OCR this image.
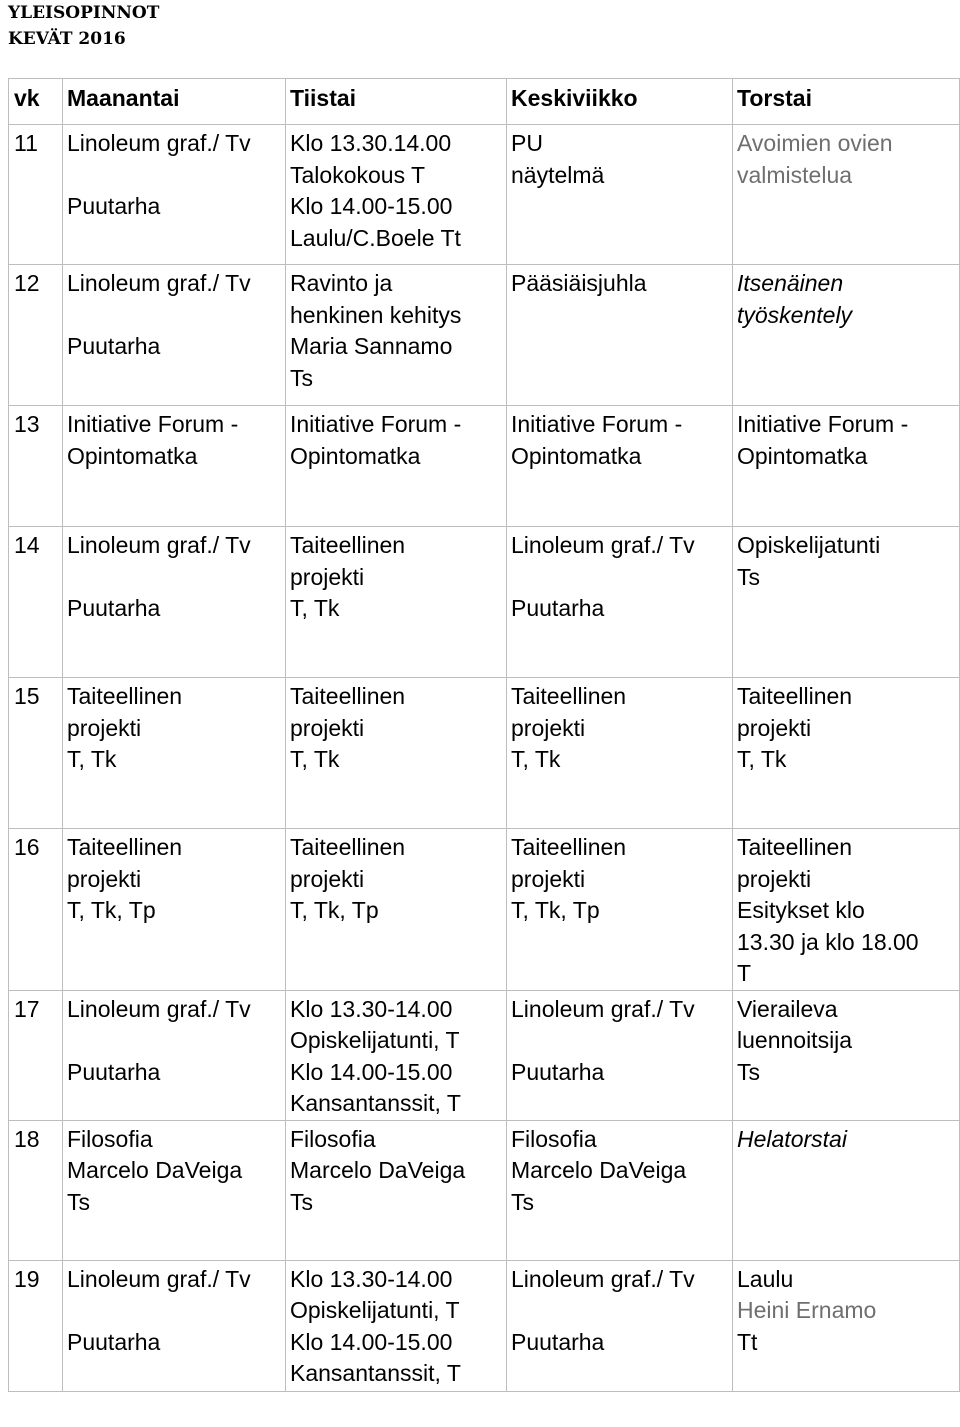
YLEISOPINNOT
KEVÄT 2016
vk	Maanantai	Tiistai	Keskiviikko	Torstai
11	Linoleum graf./ Tv
Puutarha	Klo 13.30.14.00
Talokokous T
Klo 14.00-15.00
Laulu/C.Boele Tt	PU
näytelmä	Avoimien ovien
valmistelua

12	Linoleum graf./ Tv
Puutarha	Ravinto ja
henkinen kehitys
Maria Sannamo
Ts	Pääsiäisjuhla	Itsenäinen
työskentely

13	Initiative Forum -
Opintomatka	Initiative Forum -
Opintomatka	Initiative Forum -
Opintomatka	Initiative Forum -
Opintomatka

14	Linoleum graf./ Tv
Puutarha	Taiteellinen
projekti
T, Tk	Linoleum graf./ Tv
Puutarha	Opiskelijatunti
Ts

15	Taiteellinen
projekti
T, Tk	Taiteellinen
projekti
T, Tk	Taiteellinen
projekti
T, Tk	Taiteellinen
projekti
T, Tk

16	Taiteellinen
projekti
T, Tk, Tp	Taiteellinen
projekti
T, Tk, Tp	Taiteellinen
projekti
T, Tk, Tp	Taiteellinen
projekti
Esitykset klo
13.30 ja klo 18.00
T

17	Linoleum graf./ Tv
Puutarha	Klo 13.30-14.00
Opiskelijatunti, T
Klo 14.00-15.00
Kansantanssit, T	Linoleum graf./ Tv
Puutarha	Vieraileva
luennoitsija
Ts

18	Filosofia
Marcelo DaVeiga
Ts	Filosofia
Marcelo DaVeiga
Ts	Filosofia
Marcelo DaVeiga
Ts	Helatorstai

19	Linoleum graf./ Tv
Puutarha	Klo 13.30-14.00
Opiskelijatunti, T
Klo 14.00-15.00
Kansantanssit, T	Linoleum graf./ Tv
Puutarha	Laulu
Heini Ernamo
Tt
